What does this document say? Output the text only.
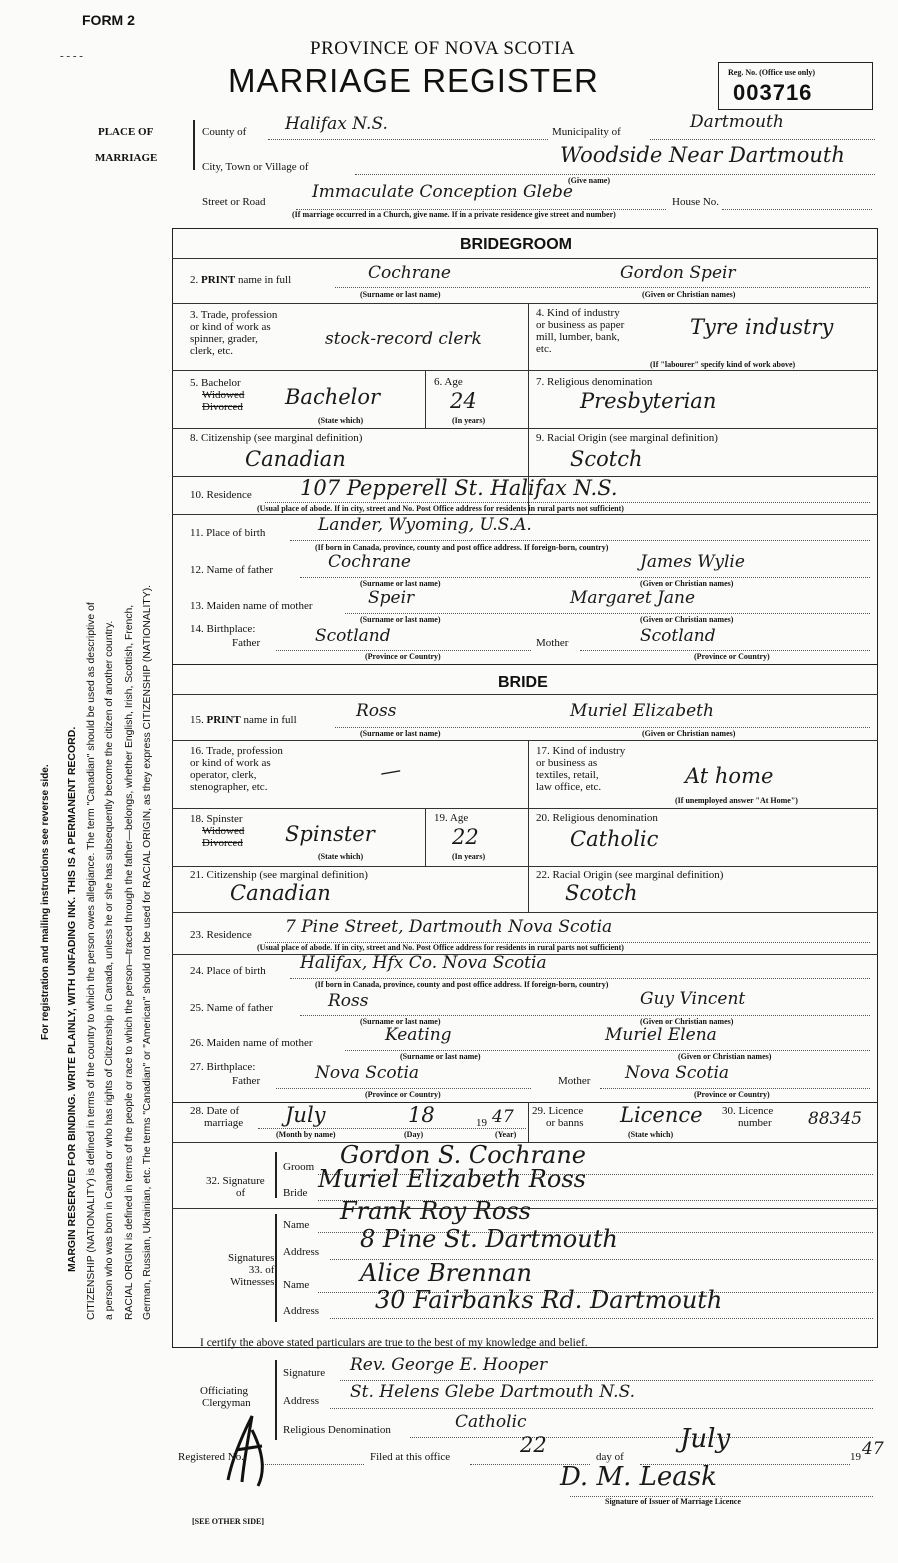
FORM 2
- - - -	PROVINCE OF NOVA SCOTIA
MARRIAGE REGISTER	Reg. No. (Office use only)
003716
For registration and mailing instructions see reverse side. MARGIN RESERVED FOR BINDING. WRITE PLAINLY, WITH UNFADING INK. THIS IS A PERMANENT RECORD. CITIZENSHIP (NATIONALITY) is defined in terms of the country to which the person owes allegiance. The term "Canadian" should be used as descriptive of a person who was born in Canada or who has rights of Citizenship in Canada, unless he or she has subsequently become the citizen of another country. RACIAL ORIGIN is defined in terms of the people or race to which the person—traced through the father—belongs, whether English, Irish, Scottish, French, German, Russian, Ukrainian, etc. The terms "Canadian" or "American" should not be used for RACIAL ORIGIN, as they express CITIZENSHIP (NATIONALITY).
PLACE OF
MARRIAGE
County of Halifax N.S.	Municipality of	Dartmouth
City, Town or Village of	Woodside Near Dartmouth
(Give name)
Street or Road	Immaculate Conception Glebe	House No.
(If marriage occurred in a Church, give name. If in a private residence give street and number)
BRIDEGROOM
2. PRINT name in full	Cochrane	Gordon Speir
(Surname or last name)	(Given or Christian names)
3. Trade, profession
or kind of work as
spinner, grader,
clerk, etc.
stock-record clerk
4. Kind of industry
or business as paper
mill, lumber, bank,
etc.
Tyre industry
(If "labourer" specify kind of work above)
5. Bachelor
Widowed
Divorced Bachelor
(State which)
6. Age
24
(In years)
7. Religious denomination
Presbyterian
8. Citizenship (see marginal definition)
Canadian
9. Racial Origin (see marginal definition)
Scotch
10. Residence 107 Pepperell St. Halifax N.S.
(Usual place of abode. If in city, street and No. Post Office address for residents in rural parts not sufficient)
11. Place of birth	Lander, Wyoming, U.S.A.
(If born in Canada, province, county and post office address. If foreign-born, country)
12. Name of father	Cochrane	James Wylie
(Surname or last name)	(Given or Christian names)
13. Maiden name of mother	Speir	Margaret Jane
(Surname or last name)	(Given or Christian names)
14. Birthplace:
Father	Scotland	Mother	Scotland
(Province or Country)	(Province or Country)
BRIDE
15. PRINT name in full	Ross	Muriel Elizabeth
(Surname or last name)	(Given or Christian names)
16. Trade, profession
or kind of work as
operator, clerk,
stenographer, etc.
—
17. Kind of industry
or business as
textiles, retail,
law office, etc.	At home
(If unemployed answer "At Home")
18. Spinster
Widowed
Divorced Spinster
(State which)
19. Age
22
(In years)
20. Religious denomination
Catholic
21. Citizenship (see marginal definition)
Canadian
22. Racial Origin (see marginal definition)
Scotch
23. Residence 7 Pine Street, Dartmouth Nova Scotia
(Usual place of abode. If in city, street and No. Post Office address for residents in rural parts not sufficient)
24. Place of birth Halifax, Hfx Co. Nova Scotia
(If born in Canada, province, county and post office address. If foreign-born, country)
25. Name of father	Ross	Guy Vincent
(Surname or last name)	(Given or Christian names)
26. Maiden name of mother	Keating	Muriel Elena
(Surname or last name)	(Given or Christian names)
27. Birthplace:
Father	Nova Scotia	Mother Nova Scotia
(Province or Country)	(Province or Country)
28. Date of
marriage July	18	19 47
(Month by name)	(Day)	(Year)
29. Licence
or banns Licence
(State which)
30. Licence
number 88345
32. Signature
of
Groom Gordon S. Cochrane
Bride Muriel Elizabeth Ross
Signatures
33. of
Witnesses
Name Frank Roy Ross
Address 8 Pine St. Dartmouth
Name Alice Brennan
Address 30 Fairbanks Rd. Dartmouth
I certify the above stated particulars are true to the best of my knowledge and belief.
Officiating
Clergyman
Signature Rev. George E. Hooper
Address St. Helens Glebe Dartmouth N.S.
Religious Denomination	Catholic
Registered No.	Filed at this office	22	day of
July
19 47
D. M. Leask
Signature of Issuer of Marriage Licence
[SEE OTHER SIDE]
